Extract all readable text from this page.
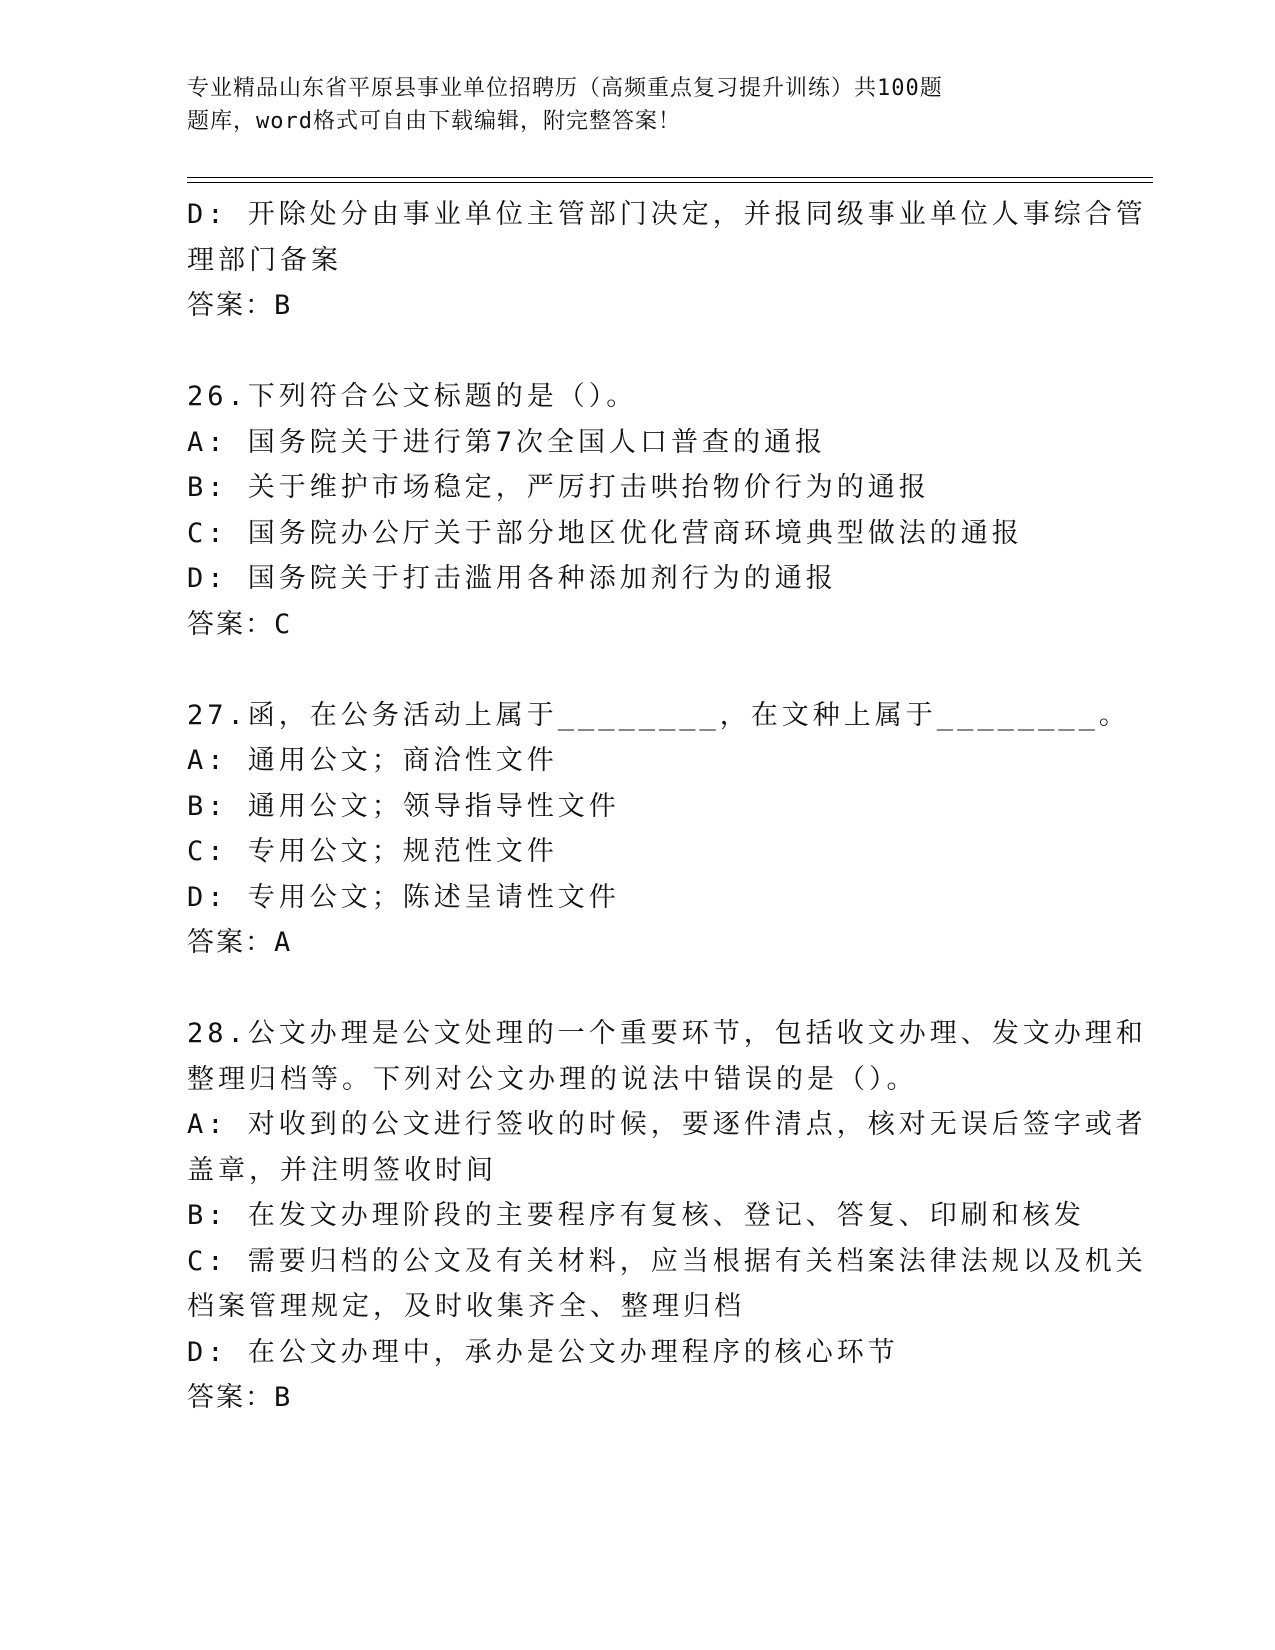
专业精品山东省平原县事业单位招聘历（高频重点复习提升训练）共100题
题库，word格式可自由下载编辑，附完整答案！
D: 开除处分由事业单位主管部门决定，并报同级事业单位人事综合管
理部门备案
答案：B
26.下列符合公文标题的是（）。
A: 国务院关于进行第7次全国人口普查的通报
B: 关于维护市场稳定，严厉打击哄抬物价行为的通报
C: 国务院办公厅关于部分地区优化营商环境典型做法的通报
D: 国务院关于打击滥用各种添加剂行为的通报
答案：C
27.函，在公务活动上属于________，在文种上属于________。
A: 通用公文；商洽性文件
B: 通用公文；领导指导性文件
C: 专用公文；规范性文件
D: 专用公文；陈述呈请性文件
答案：A
28.公文办理是公文处理的一个重要环节，包括收文办理、发文办理和
整理归档等。下列对公文办理的说法中错误的是（）。
A: 对收到的公文进行签收的时候，要逐件清点，核对无误后签字或者
盖章，并注明签收时间
B: 在发文办理阶段的主要程序有复核、登记、答复、印刷和核发
C: 需要归档的公文及有关材料，应当根据有关档案法律法规以及机关
档案管理规定，及时收集齐全、整理归档
D: 在公文办理中，承办是公文办理程序的核心环节
答案：B
